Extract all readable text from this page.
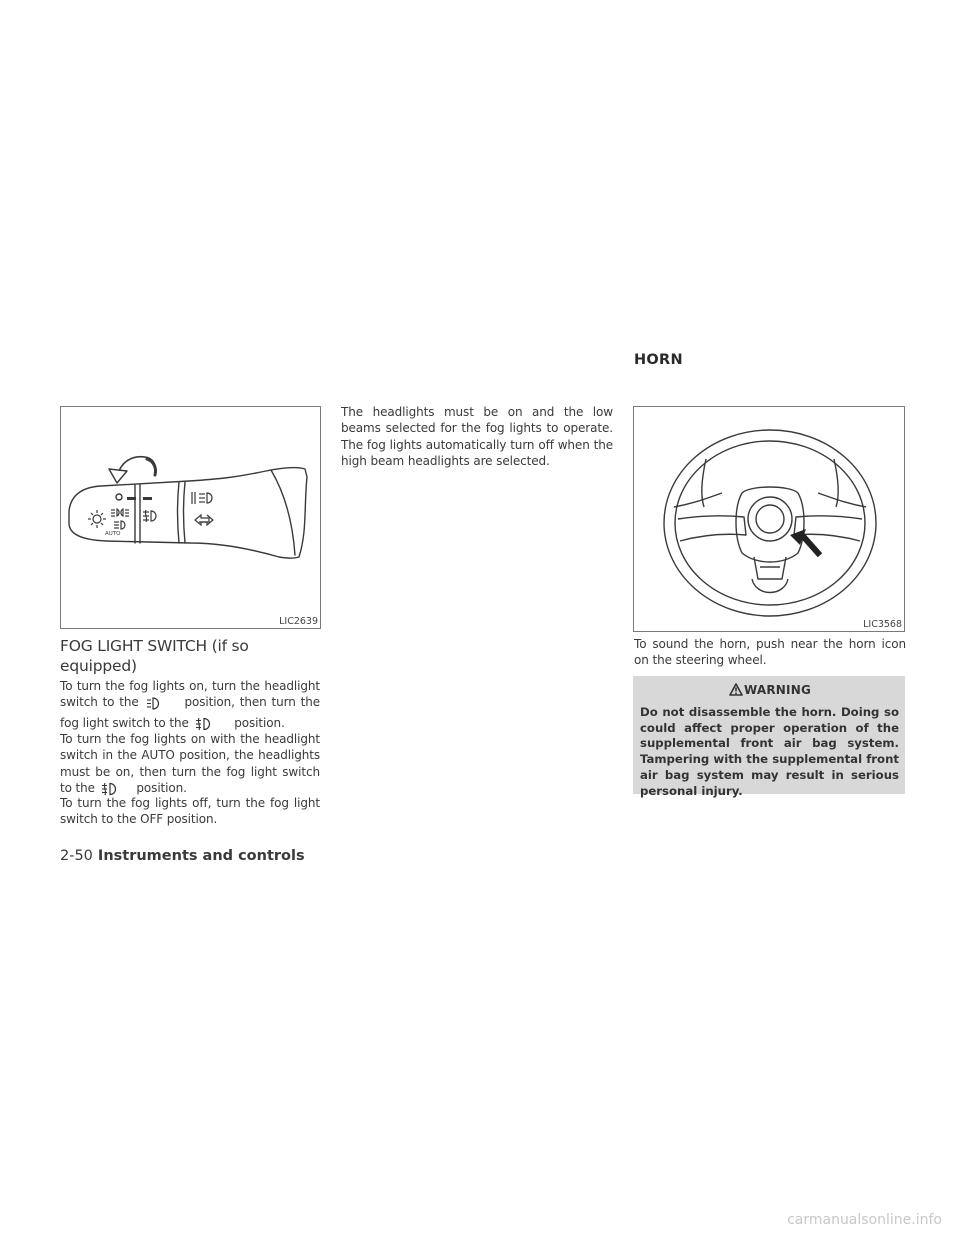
AUTO
LIC2639
FOG LIGHT SWITCH (if so equipped)
To turn the fog lights on, turn the headlight switch to the	position, then turn the fog light switch to the	position.
To turn the fog lights on with the headlight switch in the AUTO position, the headlights must be on, then turn the fog light switch to the	position.
To turn the fog lights off, turn the fog light switch to the OFF position.
The headlights must be on and the low beams selected for the fog lights to operate. The fog lights automatically turn off when the high beam headlights are selected.
HORN
LIC3568
To sound the horn, push near the horn icon on the steering wheel.
WARNING
Do not disassemble the horn. Doing so could affect proper operation of the supplemental front air bag system. Tampering with the supplemental front air bag system may result in serious personal injury.
2-50 Instruments and controls
carmanualsonline.info
